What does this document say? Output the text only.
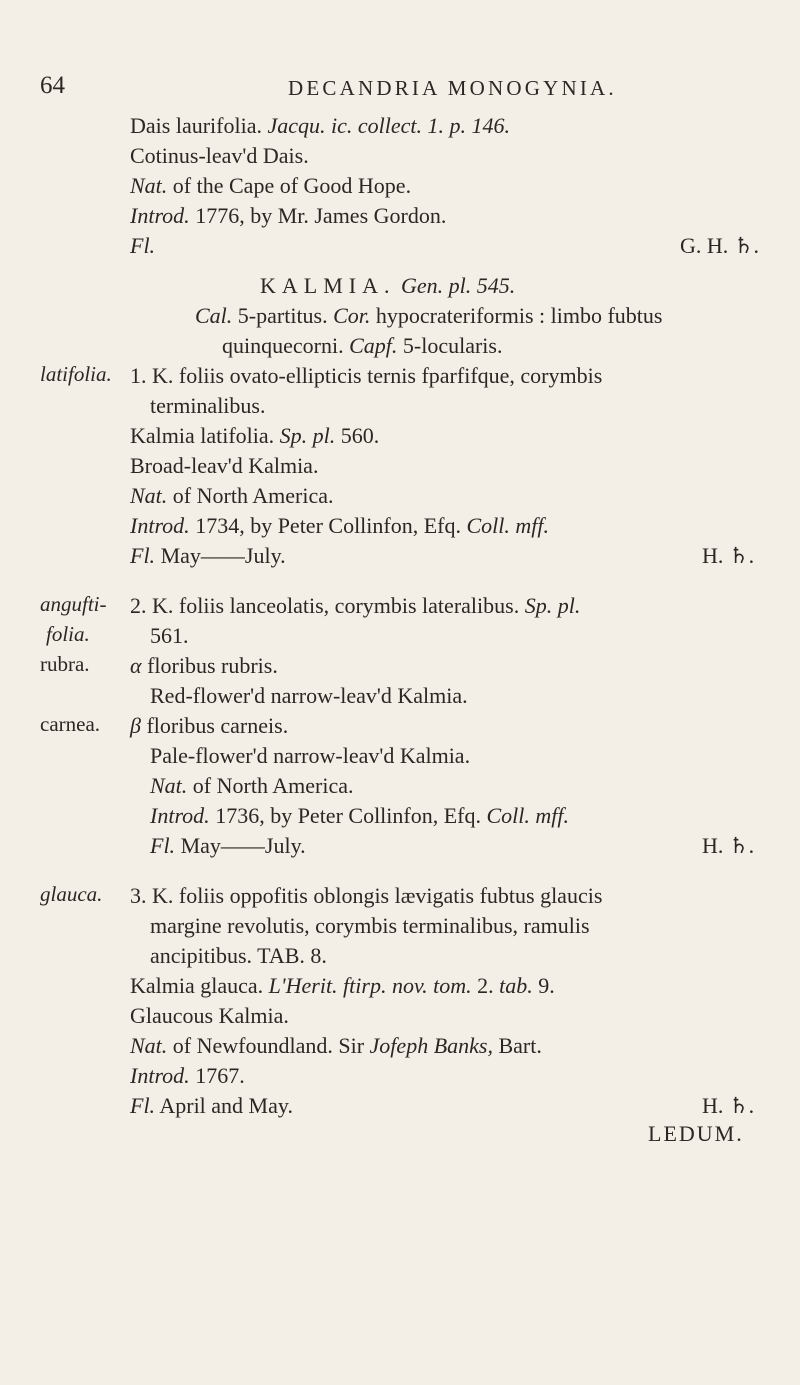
64	DECANDRIA MONOGYNIA.
Dais laurifolia. Jacqu. ic. collect. 1. p. 146.
Cotinus-leav'd Dais.
Nat. of the Cape of Good Hope.
Introd. 1776, by Mr. James Gordon.
Fl.	G. H. ♄.
KALMIA. Gen. pl. 545.
Cal. 5-partitus. Cor. hypocrateriformis : limbo fubtus
quinquecorni. Capf. 5-locularis.
latifolia. 1. K. foliis ovato-ellipticis ternis fparfifque, corymbis
terminalibus.
Kalmia latifolia. Sp. pl. 560.
Broad-leav'd Kalmia.
Nat. of North America.
Introd. 1734, by Peter Collinfon, Efq. Coll. mff.
Fl. May——July.	H. ♄.
angufti-
folia.
2. K. foliis lanceolatis, corymbis lateralibus. Sp. pl.
561.
rubra. α floribus rubris.
Red-flower'd narrow-leav'd Kalmia.
carnea. β floribus carneis.
Pale-flower'd narrow-leav'd Kalmia.
Nat. of North America.
Introd. 1736, by Peter Collinfon, Efq. Coll. mff.
Fl. May——July.	H. ♄.
glauca. 3. K. foliis oppofitis oblongis lævigatis fubtus glaucis
margine revolutis, corymbis terminalibus, ramulis
ancipitibus. TAB. 8.
Kalmia glauca. L'Herit. ftirp. nov. tom. 2. tab. 9.
Glaucous Kalmia.
Nat. of Newfoundland. Sir Jofeph Banks, Bart.
Introd. 1767.
Fl. April and May.	H. ♄.
LEDUM.
